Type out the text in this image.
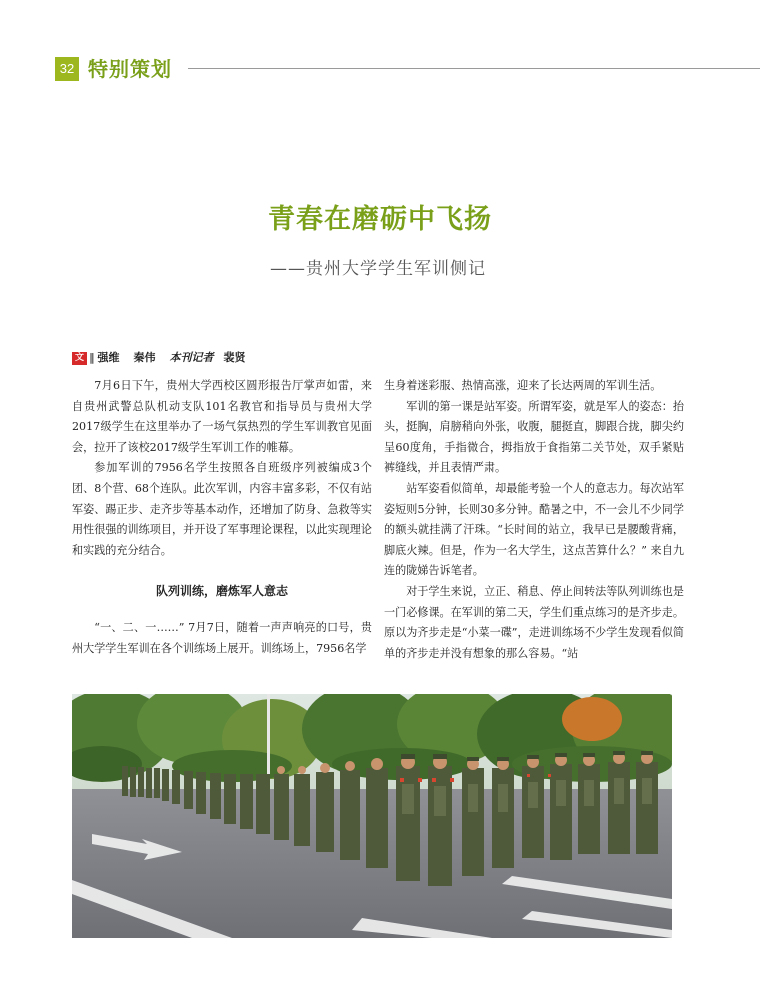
32 特别策划
青春在磨砺中飞扬
——贵州大学学生军训侧记
文 ‖ 强维 秦伟 本刊记者 裴贤

7月6日下午，贵州大学西校区圆形报告厅掌声如雷，来自贵州武警总队机动支队101名教官和指导员与贵州大学2017级学生在这里举办了一场气氛热烈的学生军训教官见面会，拉开了该校2017级学生军训工作的帷幕。

参加军训的7956名学生按照各自班级序列被编成3个团、8个营、68个连队。此次军训，内容丰富多彩，不仅有站军姿、踢正步、走齐步等基本动作，还增加了防身、急救等实用性很强的训练项目，并开设了军事理论课程，以此实现理论和实践的充分结合。

队列训练，磨炼军人意志

“一、二、一……” 7月7日，随着一声声响亮的口号，贵州大学学生军训在各个训练场上展开。训练场上，7956名学

生身着迷彩服、热情高涨，迎来了长达两周的军训生活。

军训的第一课是站军姿。所谓军姿，就是军人的姿态：抬头，挺胸，肩膀稍向外张，收腹，腿挺直，脚跟合拢，脚尖约呈60度角，手指微合，拇指放于食指第二关节处，双手紧贴裤缝线，并且表情严肃。

站军姿看似简单，却最能考验一个人的意志力。每次站军姿短则5分钟，长则30多分钟。酷暑之中，不一会儿不少同学的额头就挂满了汗珠。“长时间的站立，我早已是腰酸背痛，脚底火辣。但是，作为一名大学生，这点苦算什么？” 来自九连的陇娣告诉笔者。

对于学生来说，立正、稍息、停止间转法等队列训练也是一门必修课。在军训的第二天，学生们重点练习的是齐步走。原以为齐步走是“小菜一碟”，走进训练场不少学生发现看似简单的齐步走并没有想象的那么容易。“站
